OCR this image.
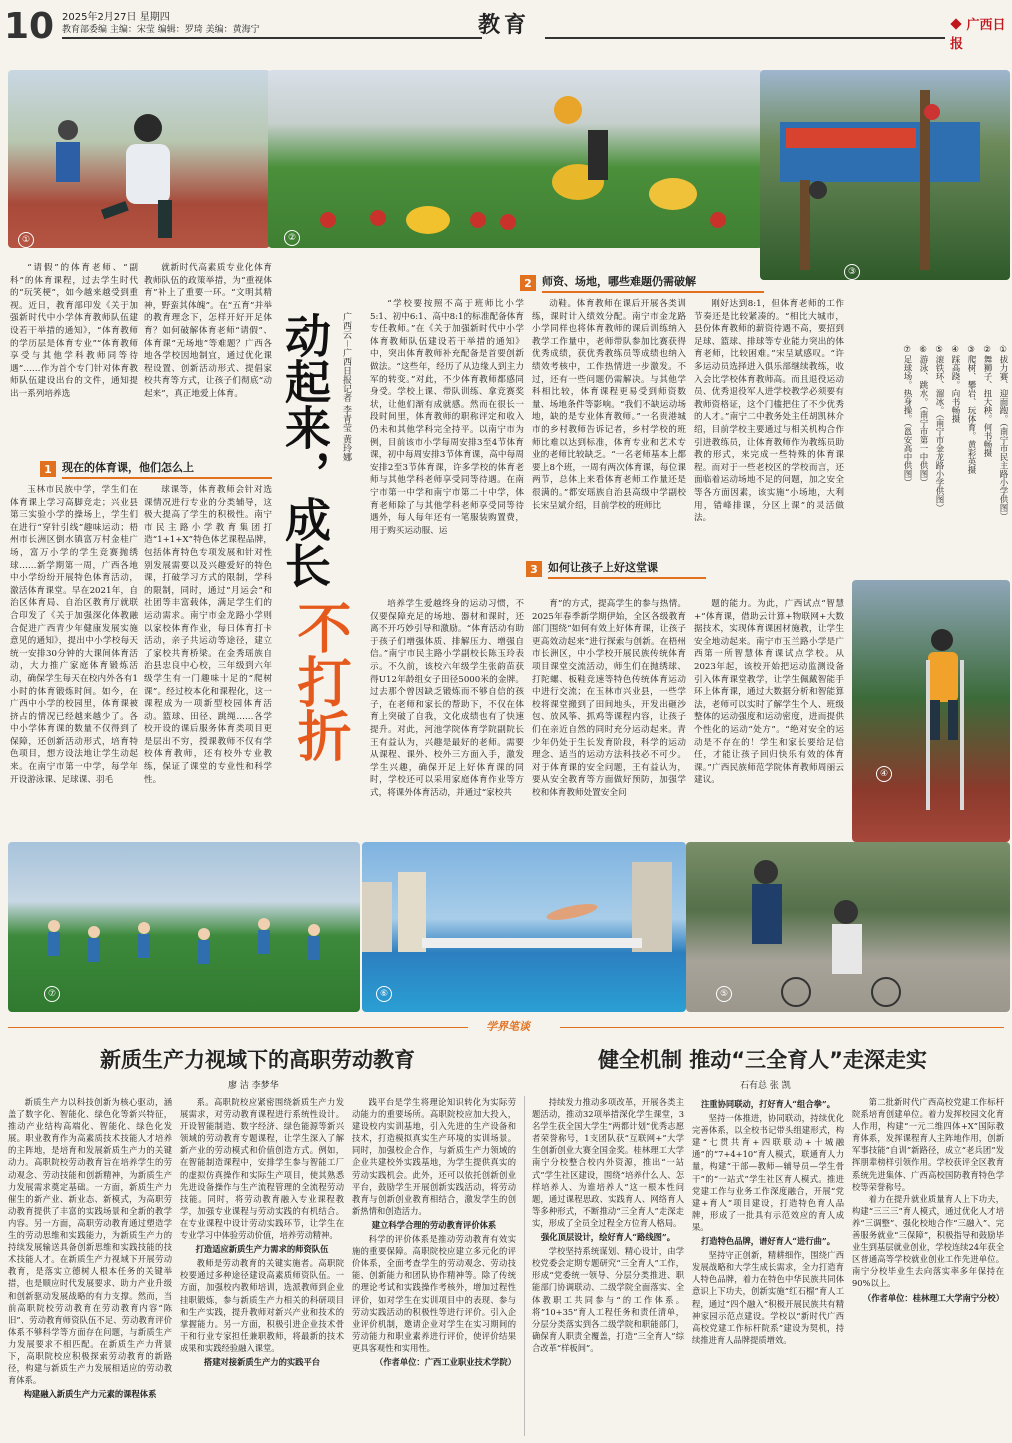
10 2025年2月27日 星期四
教育部委编 主编：宋莹 编辑：罗琦 美编：黄海宁	教育	广西日报
①	②
③
动起来，成长
不打折
广西云－广西日报记者 李青莹 黄玲娜

“请假”的体育老师、“副科”的体育课程，过去学生时代的“玩笑梗”，如今越来越受到重视。近日，教育部印发《关于加强新时代中小学体育教师队伍建设若干举措的通知》，“体育教师的学历层是体育专业”“体育教师享受与其他学科教师同等待遇”……作为首个专门针对体育教师队伍建设出台的文件，通知提出一系列培养选

就新时代高素质专业化体育教师队伍的政策举措，为“重视体育”补上了重要一环。“文明其精神，野蛮其体魄”。在“五育”并举的教育理念下，怎样开好开足体育？如何破解体育老师“请假”、体育课“无场地”等难题？广西各地各学校因地制宜，通过优化课程设置、创新活动形式、提倡家校共育等方式，让孩子们彻底“动起来”，真正地爱上体育。

1 现在的体育课，他们怎么上

玉林市民族中学，学生们在体育课上学习高脚竞走；兴业县第三实验小学的操场上，学生们在进行“穿针引线”趣味运动；梧州市长洲区倒水镇富万村金桂广场，富万小学的学生竞赛抛绣球……新学期第一周，广西各地中小学纷纷开展特色体育活动，激活体育课堂。早在2021年，自治区体育局、自治区教育厅就联合印发了《关于加强深化体教融合促进广西青少年健康发展实施意见的通知》，提出中小学校每天统一安排30分钟的大课间体育活动，大力推广家庭体育锻炼活动，确保学生每天在校内外各有1小时的体育锻炼时间。如今，在广西中小学的校园里，体育课被挤占的情况已经越来越少了。各中小学体育课的数量不仅得到了保障，还创新活动形式，培育特色项目，想方设法地让学生动起来。在南宁市第一中学，每学年开设游泳课、足球课、羽毛

球课等，体育教师会针对选课情况进行专业的分类辅导，这极大提高了学生的积极性。南宁市民主路小学教育集团打造“1+1+X”特色体艺课程品牌，包括体育特色专项发展和针对性别发展需要以及兴趣爱好的特色课，打破学习方式的限制，学科的限制，同时，通过“月运会”和社团等丰富载体，满足学生们的运动需求。南宁市金龙路小学则以家校体育作业，每日体育打卡活动，亲子共运动等途径，建立了家校共育桥梁。在金秀瑶族自治县忠良中心校，三年级到六年级学生有一门趣味十足的“爬树课”。经过校本化和课程化，这一课程成为一项新型校园体育活动。篮球、田径、跳绳……各学校开设的课后服务体育类项目更是层出不穷，授课教师不仅有学校体育教师，还有校外专业教练，保证了课堂的专业性和科学性。

2 师资、场地，哪些难题仍需破解

“学校要按照不高于班师比小学5:1、初中6:1、高中8:1的标准配备体育专任教师。”在《关于加强新时代中小学体育教师队伍建设若干举措的通知》中，突出体育教师补充配备是首要创新做法。“这些年，经历了从边缘人到主力军的转变。”对此，不少体育教师都感同身受。学校上课、带队训练、拿竞赛奖状，让他们渐有成就感。然而在很长一段时间里，体育教师的职称评定和收入仍未和其他学科完全持平。以南宁市为例，目前该市小学每周安排3至4节体育课，初中每周安排3节体育课，高中每周安排2至3节体育课，许多学校的体育老师与其他学科老师享受同等待遇。在南宁市第一中学和南宁市第二十中学，体育老师除了与其他学科老师享受同等待遇外，每人每年还有一笔服装购置费，用于购买运动服、运

动鞋。体育教师在课后开展各类训练，课时计入绩效分配。南宁市金龙路小学同样也将体育教师的课后训练纳入教学工作量中，老师带队参加比赛获得优秀成绩，获优秀教练员等成绩也纳入绩效考核中，工作热情进一步激发。不过，还有一些问题仍需解决。与其他学科相比较，体育课程更易受到师资数量、场地条件等影响。“我们不缺运动场地，缺的是专业体育教师。”一名贵港城市的乡村教师告诉记者，乡村学校的班师比难以达到标准，体育专业和艺术专业的老师比较缺乏。“一名老师基本上都要上8个班，一周有两次体育课，每位课两节，总体上来看体育老师工作量还是很满的。”都安瑶族自治县高级中学副校长宋呈斌介绍，目前学校的班师比

刚好达到8:1，但体育老师的工作节奏还是比较紧凑的。“相比大城市，县份体育教师的薪资待遇不高，要招到足球、篮球、排球等专业能力突出的体育老师，比较困难。”宋呈斌感叹。“许多运动员选择进入俱乐部继续教练，收入会比学校体育教师高。而且退役运动员、优秀退役军人进学校教学必须要有教师资格证，这个门槛把住了不少优秀的人才。”南宁二中教务处主任胡凯林介绍，目前学校主要通过与相关机构合作引进教练员，让体育教师作为教练员助教的形式，来完成一些特殊的体育课程。而对于一些老校区的学校而言，还面临着运动场地不足的问题，加之安全等各方面因素，该实施“小场地，大利用，错峰排课，分区上课”的灵活做法。	①拔力赛、迎面跑。（南宁市民主路小学供图）
②舞狮子、扭大秧。何书畅摄
③爬树、攀岩、玩体育。黄彩英摄
④踩高跷。向书畅摄
⑤滚铁环、溜冰。（南宁市金龙路小学供图）
⑥游泳、跳水。（南宁市第一中供图）
⑦足球场。热身操。（邕安高中供图）
3 如何让孩子上好这堂课

培养学生爱越终身的运动习惯，不仅要保障充足的场地、器材和课时，还离不开巧妙引导和激励。“体育活动有助于孩子们增强体质、排解压力、增强自信。”南宁市民主路小学副校长陈玉玲表示。不久前，该校六年级学生张韵苗获得U12年龄组女子田径5000米的金牌。过去那个曾因缺乏锻炼而不够自信的孩子，在老师和家长的帮助下，不仅在体育上突破了自我，文化成绩也有了快速提升。对此，河池学院体育学院副院长王有益认为，兴趣是最好的老师。需要从课程、课外、校外三方面入手，激发学生兴趣，确保开足上好体育课的同时，学校还可以采用家庭体育作业等方式，将课外体育活动，并通过“家校共

育”的方式，提高学生的参与热情。2025年春季新学期伊始，全区各级教育部门围绕“如何有效上好体育课，让孩子更高效动起来”进行探索与创新。在梧州市长洲区，中小学校开展民族传统体育项目课堂交流活动，师生们在抛绣球、打陀螺、板鞋竞速等特色传统体育运动中进行交流；在玉林市兴业县，一些学校将课堂搬到了田间地头，开发出砸沙包、放风筝、抓鸡等课程内容，让孩子们在亲近自然的同时充分运动起来。青少年仍处于生长发育阶段，科学的运动理念、适当的运动方法科技必不可少。对于体育课的安全问题，王有益认为，要从安全教育等方面做好预防，加强学校和体育教师处置安全问

题的能力。为此，广西试点“智慧+”体育课，借助云计算+物联网+大数据技术，实现体育课困材施教，让学生安全地动起来。南宁市玉兰路小学是广西第一所智慧体育课试点学校。从2023年起，该校开始把运动监测设备引入体育课堂教学，让学生佩戴智能手环上体育课，通过大数据分析和智能算法，老师可以实时了解学生个人、班级整体的运动强度和运动密度，进而提供个性化的运动“处方”。“绝对安全的运动是不存在的！学生和家长要给足信任，才能让孩子回归快乐有效的体育课。”广西民族师范学院体育教师周丽云建议。

④
⑦	⑥	⑤
学界笔谈
新质生产力视域下的高职劳动教育
廖 洁 李梦华

新质生产力以科技创新为核心驱动，涵盖了数字化、智能化、绿色化等新兴特征，推动产业结构高端化、智能化、绿色化发展。职业教育作为高素质技术技能人才培养的主阵地，是培育和发展新质生产力的关键动力。高职院校劳动教育旨在培养学生的劳动观念、劳动技能和创新精神，为新质生产力发展需求奠定基础。一方面，新质生产力催生的新产业、新业态、新模式，为高职劳动教育提供了丰富的实践场景和全新的教学内容。另一方面，高职劳动教育通过塑造学生的劳动思维和实践能力，为新质生产力的持续发展输送具备创新思维和实践技能的技术技能人才。在新质生产力视域下开展劳动教育，是落实立德树人根本任务的关键举措，也是顺应时代发展要求、助力产业升级和创新驱动发展战略的有力支撑。然而，当前高职院校劳动教育在劳动教育内容“陈旧”、劳动教育师资队伍不足、劳动教育评价体系不够科学等方面存在问题，与新质生产力发展要求不相匹配。在新质生产力背景下，高职院校应积极探索劳动教育的新路径，构建与新质生产力发展相适应的劳动教育体系。

构建融入新质生产力元素的课程体系

系。高职院校应紧密围绕新质生产力发展需求，对劳动教育课程进行系统性设计。开设智能制造、数字经济、绿色能源等新兴领域的劳动教育专题课程，让学生深入了解新产业的劳动模式和价值创造方式。例如，在智能制造课程中，安排学生参与智能工厂的虚拟仿真操作和实际生产项目，使其熟悉先进设备操作与生产流程管理的全流程劳动技能。同时，将劳动教育融入专业课程教学，加强专业课程与劳动实践的有机结合。在专业课程中设计劳动实践环节，让学生在专业学习中体验劳动价值，培养劳动精神。

打造适应新质生产力需求的师资队伍

教师是劳动教育的关键实施者。高职院校要通过多种途径建设高素质师资队伍。一方面，加强校内教师培训，选派教师到企业挂职锻炼，参与新质生产力相关的科研项目和生产实践，提升教师对新兴产业和技术的掌握能力。另一方面，积极引进企业技术骨干和行业专家担任兼职教师，将最新的技术成果和实践经验融入课堂。

搭建对接新质生产力的实践平台

践平台是学生将理论知识转化为实际劳动能力的重要场所。高职院校应加大投入，建设校内实训基地，引入先进的生产设备和技术，打造模拟真实生产环境的实训场景。同时，加强校企合作，与新质生产力领域的企业共建校外实践基地，为学生提供真实的劳动实践机会。此外，还可以依托创新创业平台，鼓励学生开展创新实践活动，将劳动教育与创新创业教育相结合，激发学生的创新热情和创造活力。

建立科学合理的劳动教育评价体系

科学的评价体系是推动劳动教育有效实施的重要保障。高职院校应建立多元化的评价体系，全面考查学生的劳动观念、劳动技能、创新能力和团队协作精神等。除了传统的理论考试和实践操作考核外，增加过程性评价，如对学生在实训项目中的表现、参与劳动实践活动的积极性等进行评价。引入企业评价机制，邀请企业对学生在实习期间的劳动能力和职业素养进行评价，使评价结果更具客观性和实用性。

（作者单位：广西工业职业技术学院）

健全机制 推动“三全育人”走深走实
石有总 张 凯

持续发力推动多项改革，开展各类主题活动，推动32项举措深化学生课堂，3名学生获全国大学生“两都计划”优秀志愿者荣誉称号，1支团队获“互联网+”大学生创新创业大赛全国金奖。桂林理工大学南宁分校整合校内外资源，推出“一站式”学生社区建设，围绕“培养什么人、怎样培养人、为谁培养人”这一根本性问题，通过课程思政、实践育人、网络育人等多种形式，不断推动“三全育人”走深走实，形成了全员全过程全方位育人格局。

强化顶层设计，绘好育人“路线图”。

学校坚持系统谋划、精心设计，由学校党委会定期专题研究“三全育人”工作，形成“党委统一领导、分层分类推进、职能部门协调联动、二级学院全面落实、全体教职工共同参与“的工作体系。将“10+35”育人工程任务和责任清单，分层分类落实到各二级学院和职能部门，确保育人职责全覆盖，打造“三全育人”综合改革“样板间”。

注重协同联动，打好育人“组合拳”。

坚持一体推进，协同联动，持续优化完善体系，以全校书记带头组建形式，构建“七贯共育+四联联动+十城融通”的“7+4+10”育人模式，联通育人力量，构建“干部—教师—辅导员—学生骨干”的“一站式”学生社区育人模式。推进党建工作与业务工作深度融合，开展“党建+育人”项目建设，打造特色育人品牌，形成了一批具有示范效应的育人成果。

打造特色品牌，谱好育人“进行曲”。

坚持守正创新，精耕细作，围绕广西发展战略和大学生成长需求，全力打造育人特色品牌，着力在特色中华民族共同体意识上下功夫，创新实施“红石榴”育人工程，通过“四个融入”积极开展民族共有精神家园示范点建设。学校以“新时代广西高校党建工作标杆院系”建设为契机，持续推进育人品牌提质增效。

第二批新时代广西高校党建工作标杆院系培育创建单位。着力发挥校园文化育人作用，构建“一元二维四体+X”国际教育体系，发挥课程育人主阵地作用，创新军事技能“自训”新路径，成立“老兵团”发挥朋辈榜样引领作用。学校获评全区教育系统先进集体、广西高校国防教育特色学校等荣誉称号。

着力在提升就业质量育人上下功夫，构建“三三三”育人模式，通过优化人才培养“三调整”、强化校地合作“三融入”、完善服务就业“三保障”，积极指导和鼓励毕业生到基层就业创业，学校连续24年获全区普通高等学校就业创业工作先进单位。南宁分校毕业生去向落实率多年保持在90%以上。

（作者单位：桂林理工大学南宁分校）
